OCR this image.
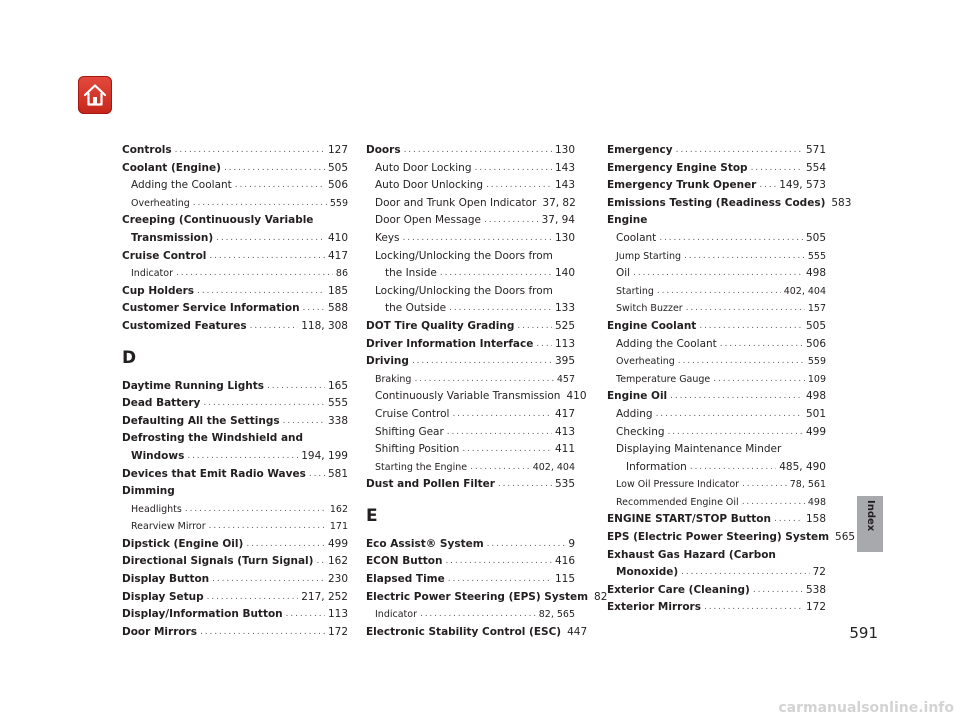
Controls . . .	127
Coolant (Engine) . . .	505
Adding the Coolant . . .	506
Overheating . . .	559
Creeping (Continuously Variable
Transmission) . . .	410
Cruise Control . . .	417
Indicator . . .	86
Cup Holders . . .	185
Customer Service Information . . .	588
Customized Features . . .	118, 308
D
Daytime Running Lights . . .	165
Dead Battery . . .	555
Defaulting All the Settings . . .	338
Defrosting the Windshield and
Windows . . .	194, 199
Devices that Emit Radio Waves . . . 581
Dimming
Headlights . . .	162
Rearview Mirror . . .	171
Dipstick (Engine Oil) . . .	499
Directional Signals (Turn Signal) . . . 162
Display Button . . .	230
Display Setup . . .	217, 252
Display/Information Button . . .	113
Door Mirrors . . .	172
Doors . . .	130
Auto Door Locking . . .	143
Auto Door Unlocking . . .	143
Door and Trunk Open Indicator 37, 82
Door Open Message . . .	37, 94
Keys . . .	130
Locking/Unlocking the Doors from
the Inside . . .	140
Locking/Unlocking the Doors from
the Outside . . .	133
DOT Tire Quality Grading . . .	525
Driver Information Interface . . . 113
Driving . . .	395
Braking . . .	457
Continuously Variable Transmission 410
Cruise Control . . .	417
Shifting Gear . . .	413
Shifting Position . . .	411
Starting the Engine . . .	402, 404
Dust and Pollen Filter . . .	535
E
Eco Assist® System . . .	9
ECON Button . . .	416
Elapsed Time . . .	115
Electric Power Steering (EPS) System 82
Indicator . . .	82, 565
Electronic Stability Control (ESC) 447
Emergency . . .	571
Emergency Engine Stop . . .	554
Emergency Trunk Opener . . . 149, 573
Emissions Testing (Readiness Codes) 583
Engine
Coolant . . .	505
Jump Starting . . .	555
Oil . . .	498
Starting . . .	402, 404
Switch Buzzer . . .	157
Engine Coolant . . .	505
Adding the Coolant . . .	506
Overheating . . .	559
Temperature Gauge . . .	109
Engine Oil . . .	498
Adding . . .	501
Checking . . .	499
Displaying Maintenance Minder
Information . . .	485, 490
Low Oil Pressure Indicator . . .	78, 561
Recommended Engine Oil . . .	498
ENGINE START/STOP Button . . .	158
EPS (Electric Power Steering) System 565
Exhaust Gas Hazard (Carbon
Monoxide) . . .	72
Exterior Care (Cleaning) . . .	538
Exterior Mirrors . . .	172
Index
591
carmanualsonline.info
